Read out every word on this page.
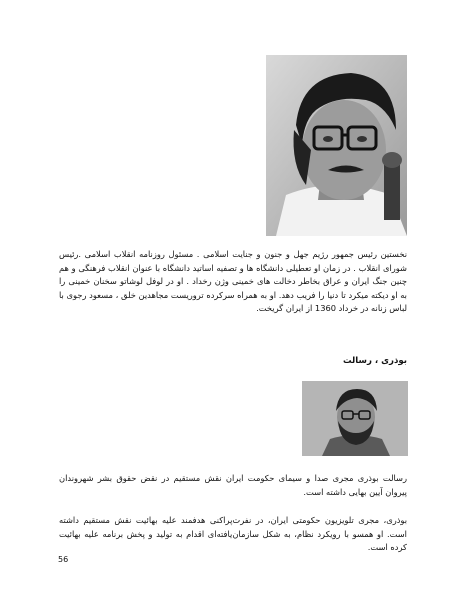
نخستین رئیس جمهور رژیم جهل و جنون و جنایت اسلامی . مسئول روزنامه انقلاب اسلامی .رئیس شورای انقلاب . در زمان او تعطیلی دانشگاه ها و تصفیه اساتید دانشگاه با عنوان انقلاب فرهنگی و هم چنین جنگ ایران و عراق بخاطر دخالت های خمینی وژن رخداد . او در لوفل لوشاتو سخنان خمینی را به او دیکته میکرد تا دنیا را فریب دهد. او به همراه سرکرده تروریست مجاهدین خلق ، مسعود رجوی با لباس زنانه در خرداد 1360 از ایران گریخت.

بوذری ، رسالت

رسالت بوذری مجری صدا و سیمای حکومت ایران نقش مستقیم در نقض حقوق بشر شهروندان پیروان آیین بهایی داشته است.

بوذری، مجری تلویزیون حکومتی ایران، در نفرت‌پراکنی هدفمند علیه بهائیت نقش مستقیم داشته است. او همسو با رویکرد نظام، به شکل سازمان‌یافته‌ای اقدام به تولید و پخش برنامه علیه بهائیت کرده است.

56
